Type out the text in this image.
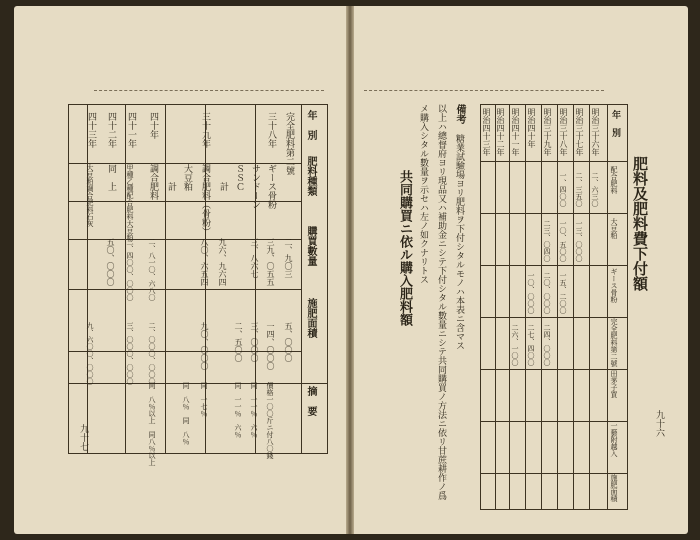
年　別
肥料種類
購買數量
施肥面積
摘　要
完全肥料第二號
二、九〇三
五、〇〇〇
三十八年
ギース骨粉
三九、〇五五
一四、〇〇〇
價格一〇〇斤ニ付八〇錢
サンドーン
三、八六七
三、〇〇〇
同　一一％　六％
ＳＳＣ
二、五〇〇
同　一一％　六％
計
九六、九六四
三十九年
調合肥料（骨粉）
八〇、六五四
九〇、〇〇〇
同　一七％
大豆粕
同　八％　同　八％
計
四十年
調合肥料
二、八一〇、六八〇
二、〇〇〇、〇〇〇
同　八％以上　同八％以上
四十一年
甲種乙種配合肥料大豆粕
三、四〇〇、〇〇〇
三、〇〇〇、〇〇〇
四十二年
同　上
五〇、〇〇〇
四十三年
大豆粕調合肥料石灰
九、六〇〇、〇〇〇
九十七
肥料及肥料費下付額
年　別
配合肥料
大豆粕
ギース骨粉
完全肥料第二號
田茅子買
一藝附越入
施肥面積
明治三十六年
明治三十七年
明治三十八年
明治三十九年
明治四十年
明治四十一年
明治四十二年
明治四十三年
二、六三〇
二、三五〇
一三、〇〇〇
一、四〇〇
一〇、五〇〇
一五、二〇〇
二三、〇四〇
二〇、〇〇〇
二四、〇〇〇
一〇、〇〇〇
二七、四〇〇
二六、一〇〇
備考
糖業試驗場ヨリ肥料ヲ下付シタルモノハ本表ニ含マス
以上ハ總督府ヨリ現品又ハ補助金ニシテ下付シタル數量ニシテ共同購買ノ方法ニ依リ甘蔗耕作ノ爲
メ購入シタル數量ヲ示セハ左ノ如クナリトス
共同購買ニ依ル購入肥料額
九十六
